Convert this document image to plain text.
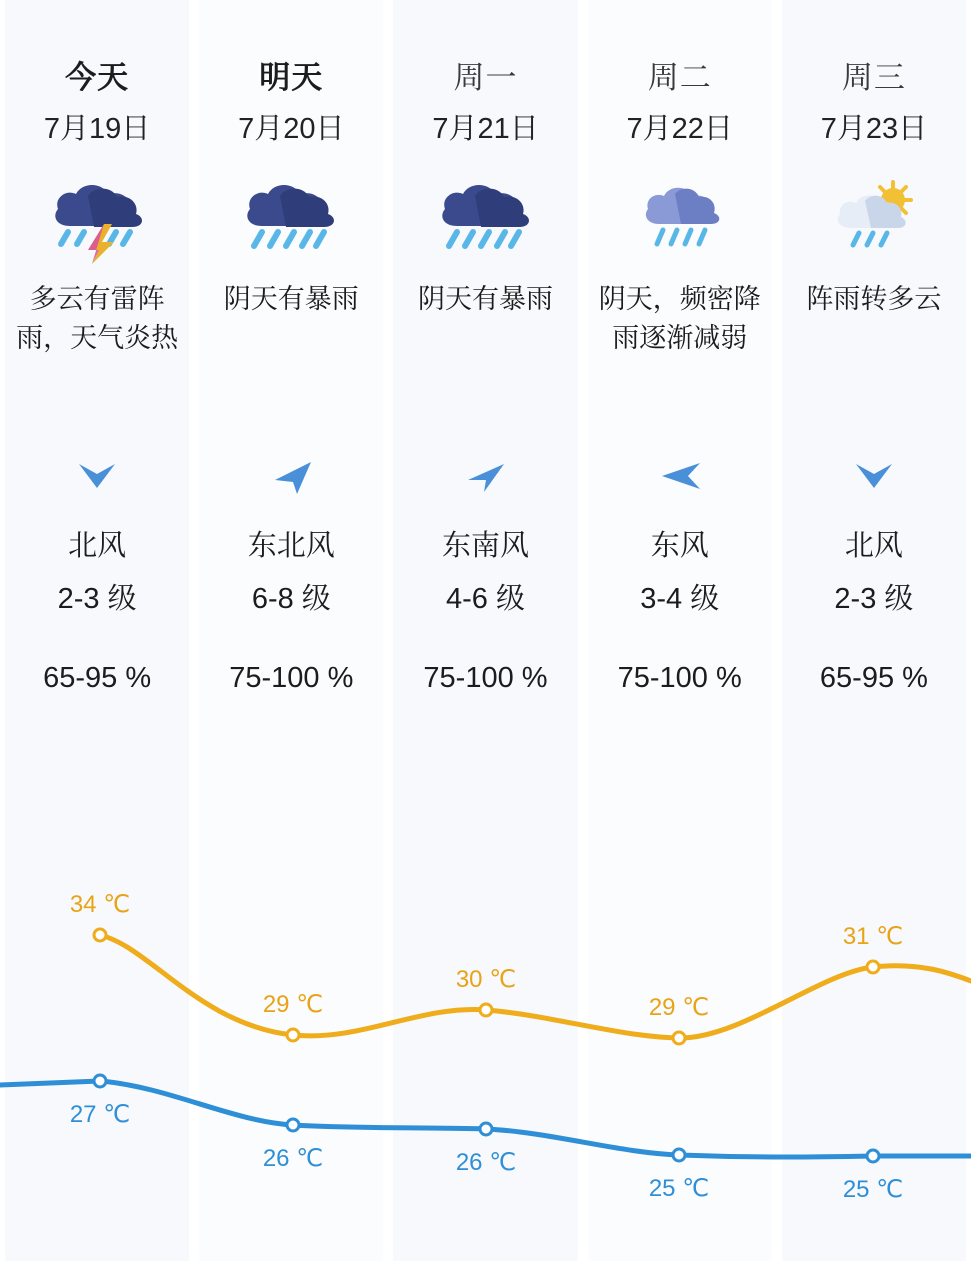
今天
7月19日
多云有雷阵雨，天气炎热
北风
2-3 级
65-95 %
明天
7月20日
阴天有暴雨
东北风
6-8 级
75-100 %
周一
7月21日
阴天有暴雨
东南风
4-6 级
75-100 %
周二
7月22日
阴天，频密降雨逐渐减弱
东风
3-4 级
75-100 %
周三
7月23日
阵雨转多云
北风
2-3 级
65-95 %
34 ℃
29 ℃
30 ℃
29 ℃
31 ℃
27 ℃
26 ℃	26 ℃
25 ℃	25 ℃
